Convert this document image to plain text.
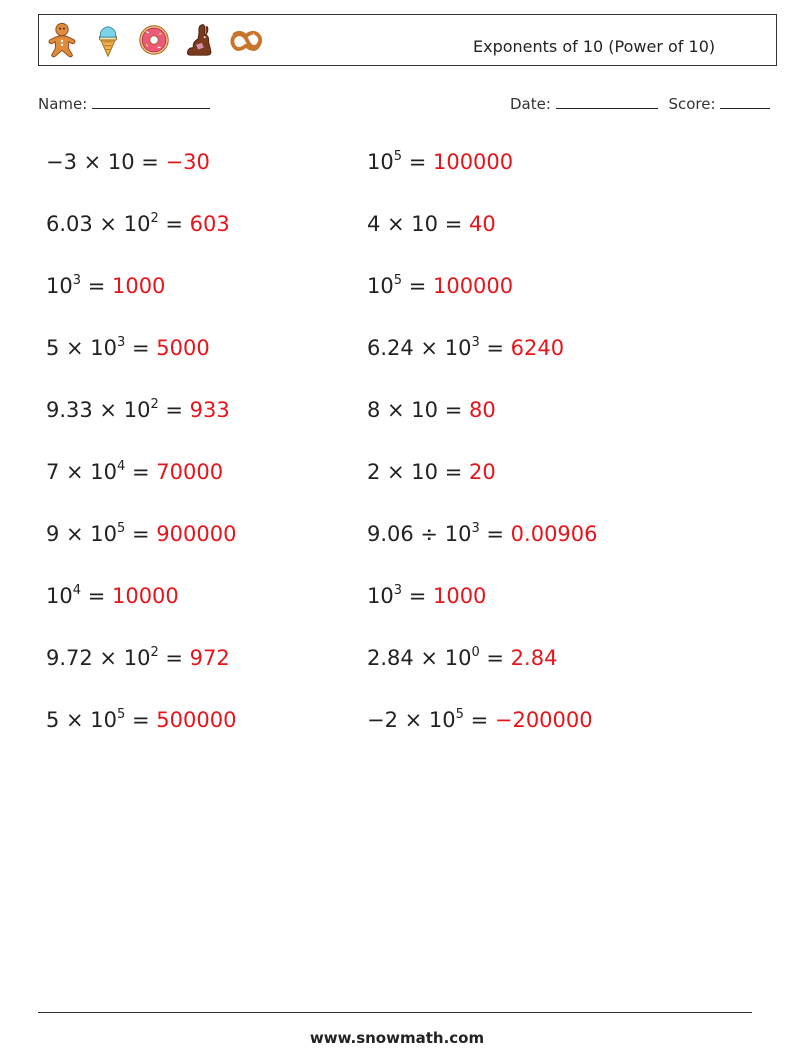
Exponents of 10 (Power of 10)
Name:	Date:	Score:
−3 × 10 = −30	$10^5 = 100000$
$6.03 \times 10^2 = 603$	4 × 10 = 40
$10^3 = 1000$	$10^5 = 100000$
$5 \times 10^3 = 5000$	$6.24 \times 10^3 = 6240$
$9.33 \times 10^2 = 933$	8 × 10 = 80
$7 \times 10^4 = 70000$	2 × 10 = 20
$9 \times 10^5 = 900000$	$9.06 \div 10^3 = 0.00906$
$10^4 = 10000$	$10^3 = 1000$
$9.72 \times 10^2 = 972$	$2.84 \times 10^0 = 2.84$
$5 \times 10^5 = 500000$	$-2 \times 10^5 = -200000$
www.snowmath.com
